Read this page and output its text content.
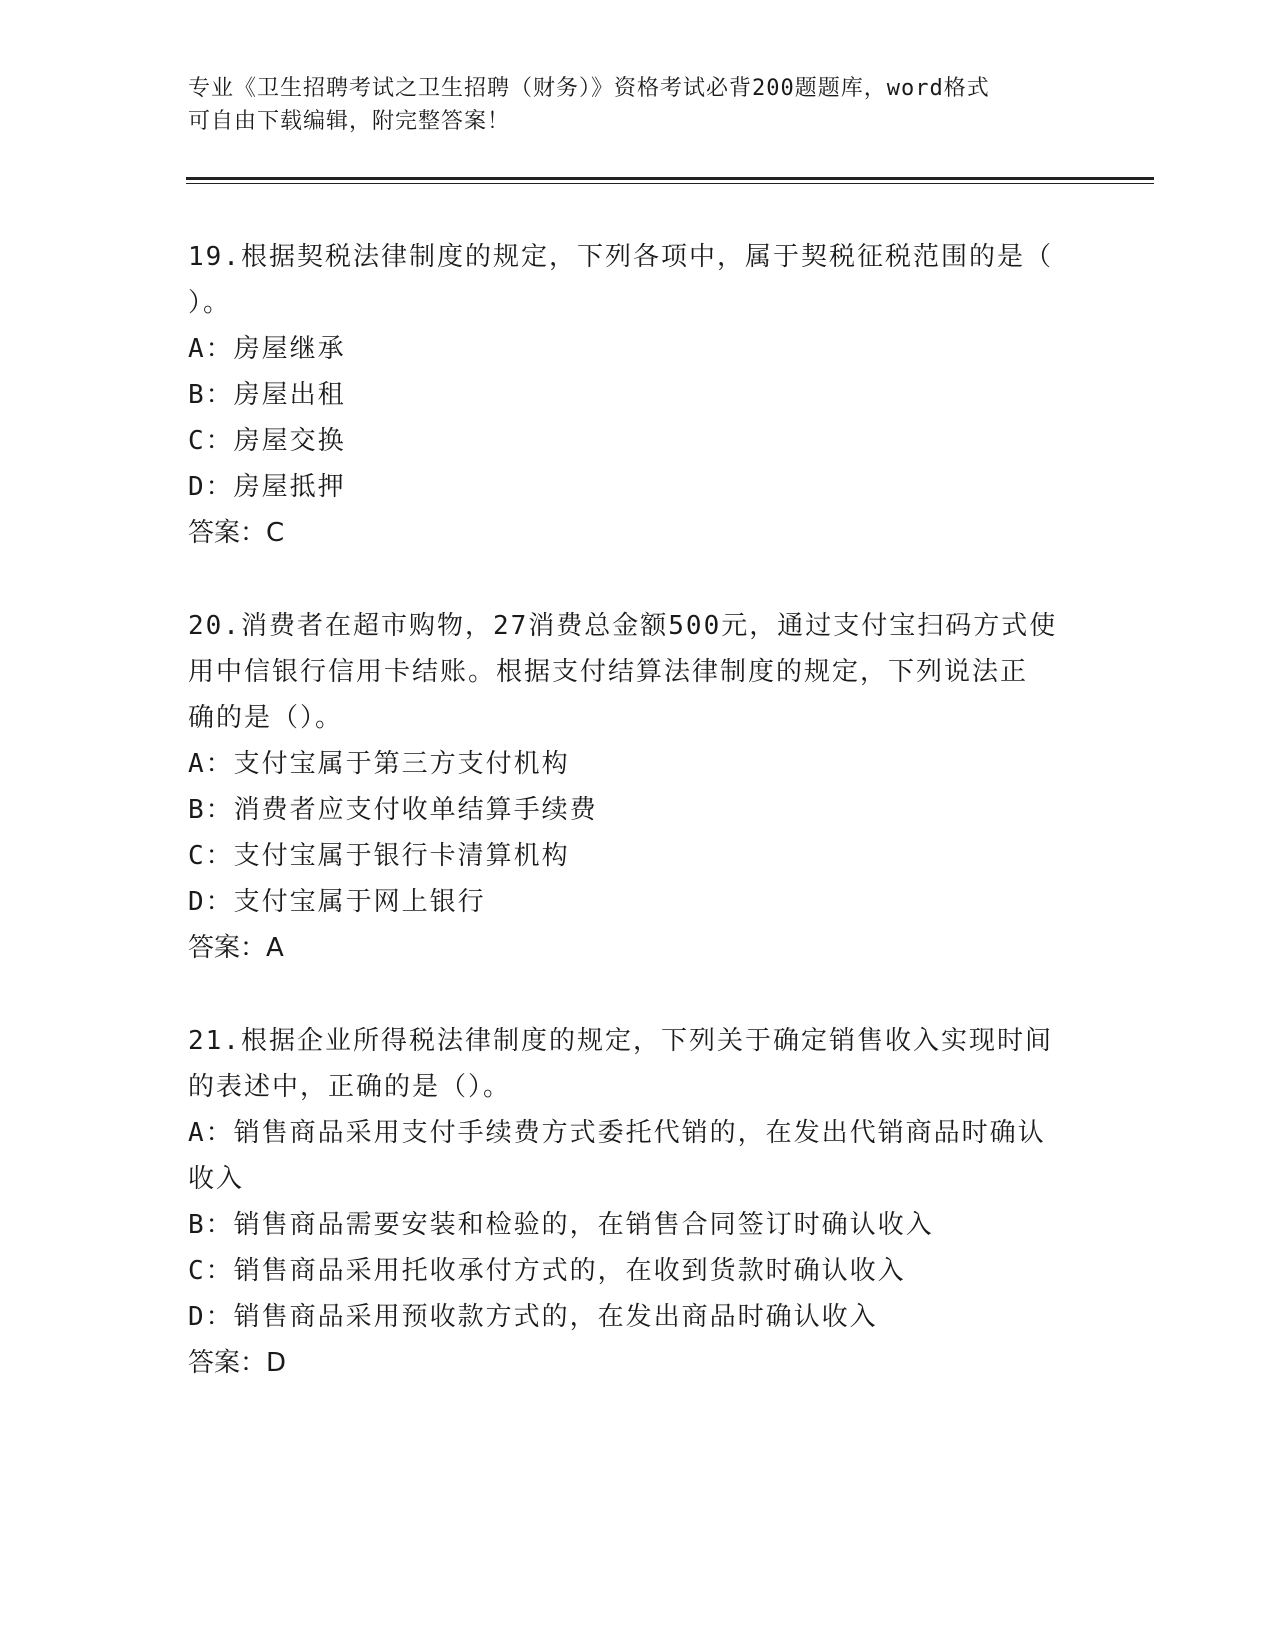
专业《卫生招聘考试之卫生招聘（财务）》资格考试必背200题题库，word格式
可自由下载编辑，附完整答案！

19.根据契税法律制度的规定，下列各项中，属于契税征税范围的是（

）。

A：房屋继承

B：房屋出租

C：房屋交换

D：房屋抵押

答案：C

20.消费者在超市购物，27消费总金额500元，通过支付宝扫码方式使

用中信银行信用卡结账。根据支付结算法律制度的规定，下列说法正

确的是（）。

A：支付宝属于第三方支付机构

B：消费者应支付收单结算手续费

C：支付宝属于银行卡清算机构

D：支付宝属于网上银行

答案：A

21.根据企业所得税法律制度的规定，下列关于确定销售收入实现时间

的表述中，正确的是（）。

A：销售商品采用支付手续费方式委托代销的，在发出代销商品时确认

收入

B：销售商品需要安装和检验的，在销售合同签订时确认收入

C：销售商品采用托收承付方式的，在收到货款时确认收入

D：销售商品采用预收款方式的，在发出商品时确认收入

答案：D
